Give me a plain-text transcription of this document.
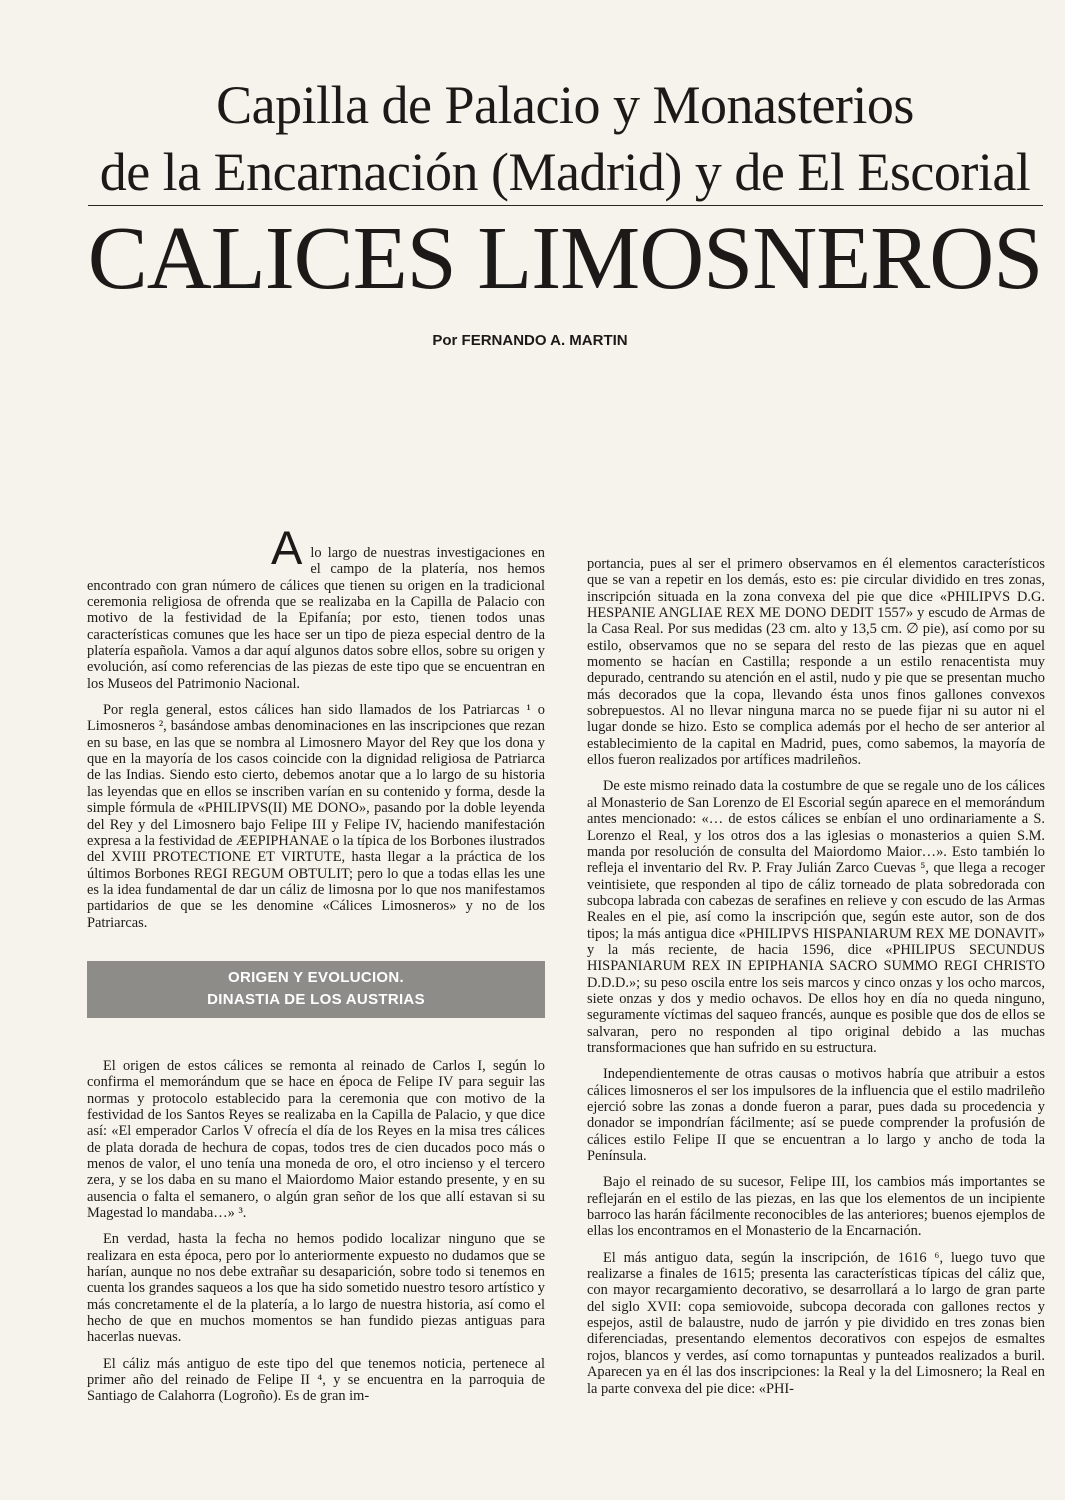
Capilla de Palacio y Monasterios
de la Encarnación (Madrid) y de El Escorial
CALICES LIMOSNEROS
Por FERNANDO A. MARTIN

Alo largo de nuestras investigaciones en el campo de la platería, nos hemos encontrado con gran número de cálices que tienen su origen en la tradicional ceremonia religiosa de ofrenda que se realizaba en la Capilla de Palacio con motivo de la festividad de la Epifanía; por esto, tienen todos unas características comunes que les hace ser un tipo de pieza especial dentro de la platería española. Vamos a dar aquí algunos datos sobre ellos, sobre su origen y evolución, así como referencias de las piezas de este tipo que se encuentran en los Museos del Patrimonio Nacional.

Por regla general, estos cálices han sido llamados de los Patriarcas ¹ o Limosneros ², basándose ambas denominaciones en las inscripciones que rezan en su base, en las que se nombra al Limosnero Mayor del Rey que los dona y que en la mayoría de los casos coincide con la dignidad religiosa de Patriarca de las Indias. Siendo esto cierto, debemos anotar que a lo largo de su historia las leyendas que en ellos se inscriben varían en su contenido y forma, desde la simple fórmula de «PHILIPVS(II) ME DONO», pasando por la doble leyenda del Rey y del Limosnero bajo Felipe III y Felipe IV, haciendo manifestación expresa a la festividad de ÆEPIPHANAE o la típica de los Borbones ilustrados del XVIII PROTECTIONE ET VIRTUTE, hasta llegar a la práctica de los últimos Borbones REGI REGUM OBTULIT; pero lo que a todas ellas les une es la idea fundamental de dar un cáliz de limosna por lo que nos manifestamos partidarios de que se les denomine «Cálices Limosneros» y no de los Patriarcas.

ORIGEN Y EVOLUCION.
DINASTIA DE LOS AUSTRIAS

El origen de estos cálices se remonta al reinado de Carlos I, según lo confirma el memorándum que se hace en época de Felipe IV para seguir las normas y protocolo establecido para la ceremonia que con motivo de la festividad de los Santos Reyes se realizaba en la Capilla de Palacio, y que dice así: «El emperador Carlos V ofrecía el día de los Reyes en la misa tres cálices de plata dorada de hechura de copas, todos tres de cien ducados poco más o menos de valor, el uno tenía una moneda de oro, el otro incienso y el tercero zera, y se los daba en su mano el Maiordomo Maior estando presente, y en su ausencia o falta el semanero, o algún gran señor de los que allí estavan si su Magestad lo mandaba…» ³.

En verdad, hasta la fecha no hemos podido localizar ninguno que se realizara en esta época, pero por lo anteriormente expuesto no dudamos que se harían, aunque no nos debe extrañar su desaparición, sobre todo si tenemos en cuenta los grandes saqueos a los que ha sido sometido nuestro tesoro artístico y más concretamente el de la platería, a lo largo de nuestra historia, así como el hecho de que en muchos momentos se han fundido piezas antiguas para hacerlas nuevas.

El cáliz más antiguo de este tipo del que tenemos noticia, pertenece al primer año del reinado de Felipe II ⁴, y se encuentra en la parroquia de Santiago de Calahorra (Logroño). Es de gran im-

portancia, pues al ser el primero observamos en él elementos característicos que se van a repetir en los demás, esto es: pie circular dividido en tres zonas, inscripción situada en la zona convexa del pie que dice «PHILIPVS D.G. HESPANIE ANGLIAE REX ME DONO DEDIT 1557» y escudo de Armas de la Casa Real. Por sus medidas (23 cm. alto y 13,5 cm. ∅ pie), así como por su estilo, observamos que no se separa del resto de las piezas que en aquel momento se hacían en Castilla; responde a un estilo renacentista muy depurado, centrando su atención en el astil, nudo y pie que se presentan mucho más decorados que la copa, llevando ésta unos finos gallones convexos sobrepuestos. Al no llevar ninguna marca no se puede fijar ni su autor ni el lugar donde se hizo. Esto se complica además por el hecho de ser anterior al establecimiento de la capital en Madrid, pues, como sabemos, la mayoría de ellos fueron realizados por artífices madrileños.

De este mismo reinado data la costumbre de que se regale uno de los cálices al Monasterio de San Lorenzo de El Escorial según aparece en el memorándum antes mencionado: «… de estos cálices se enbían el uno ordinariamente a S. Lorenzo el Real, y los otros dos a las iglesias o monasterios a quien S.M. manda por resolución de consulta del Maiordomo Maior…». Esto también lo refleja el inventario del Rv. P. Fray Julián Zarco Cuevas ⁵, que llega a recoger veintisiete, que responden al tipo de cáliz torneado de plata sobredorada con subcopa labrada con cabezas de serafines en relieve y con escudo de las Armas Reales en el pie, así como la inscripción que, según este autor, son de dos tipos; la más antigua dice «PHILIPVS HISPANIARUM REX ME DONAVIT» y la más reciente, de hacia 1596, dice «PHILIPUS SECUNDUS HISPANIARUM REX IN EPIPHANIA SACRO SUMMO REGI CHRISTO D.D.D.»; su peso oscila entre los seis marcos y cinco onzas y los ocho marcos, siete onzas y dos y medio ochavos. De ellos hoy en día no queda ninguno, seguramente víctimas del saqueo francés, aunque es posible que dos de ellos se salvaran, pero no responden al tipo original debido a las muchas transformaciones que han sufrido en su estructura.

Independientemente de otras causas o motivos habría que atribuir a estos cálices limosneros el ser los impulsores de la influencia que el estilo madrileño ejerció sobre las zonas a donde fueron a parar, pues dada su procedencia y donador se impondrían fácilmente; así se puede comprender la profusión de cálices estilo Felipe II que se encuentran a lo largo y ancho de toda la Península.

Bajo el reinado de su sucesor, Felipe III, los cambios más importantes se reflejarán en el estilo de las piezas, en las que los elementos de un incipiente barroco las harán fácilmente reconocibles de las anteriores; buenos ejemplos de ellas los encontramos en el Monasterio de la Encarnación.

El más antiguo data, según la inscripción, de 1616 ⁶, luego tuvo que realizarse a finales de 1615; presenta las características típicas del cáliz que, con mayor recargamiento decorativo, se desarrollará a lo largo de gran parte del siglo XVII: copa semiovoide, subcopa decorada con gallones rectos y espejos, astil de balaustre, nudo de jarrón y pie dividido en tres zonas bien diferenciadas, presentando elementos decorativos con espejos de esmaltes rojos, blancos y verdes, así como tornapuntas y punteados realizados a buril. Aparecen ya en él las dos inscripciones: la Real y la del Limosnero; la Real en la parte convexa del pie dice: «PHI-
